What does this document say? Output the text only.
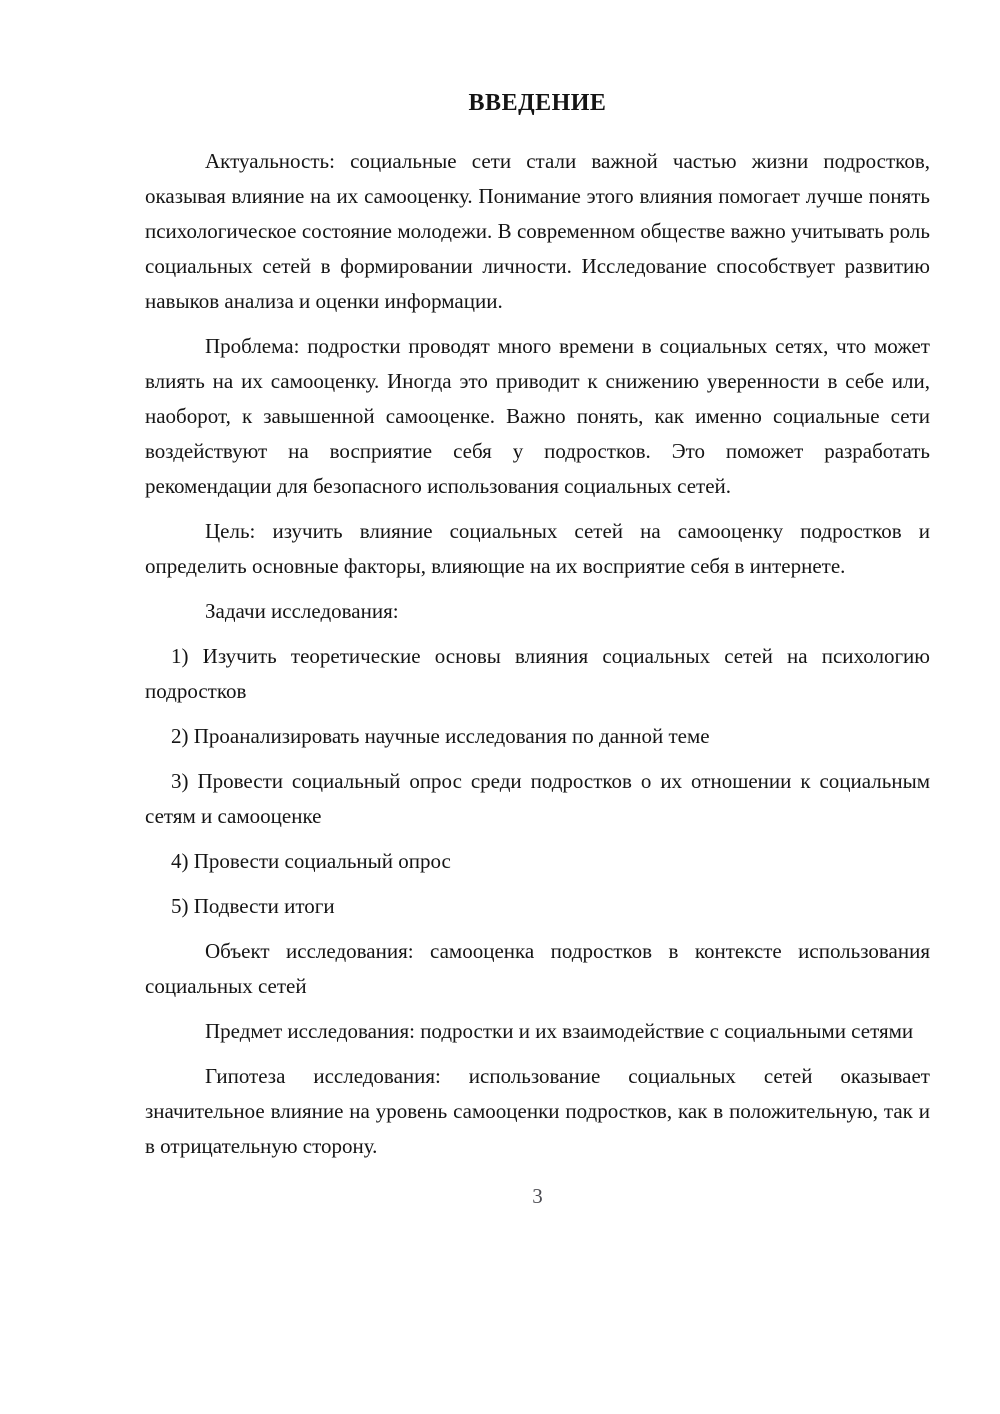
ВВЕДЕНИЕ

Актуальность: социальные сети стали важной частью жизни подростков, оказывая влияние на их самооценку. Понимание этого влияния помогает лучше понять психологическое состояние молодежи. В современном обществе важно учитывать роль социальных сетей в формировании личности. Исследование способствует развитию навыков анализа и оценки информации.

Проблема: подростки проводят много времени в социальных сетях, что может влиять на их самооценку. Иногда это приводит к снижению уверенности в себе или, наоборот, к завышенной самооценке. Важно понять, как именно социальные сети воздействуют на восприятие себя у подростков. Это поможет разработать рекомендации для безопасного использования социальных сетей.

Цель: изучить влияние социальных сетей на самооценку подростков и определить основные факторы, влияющие на их восприятие себя в интернете.

Задачи исследования:

1) Изучить теоретические основы влияния социальных сетей на психологию подростков

2) Проанализировать научные исследования по данной теме

3) Провести социальный опрос среди подростков о их отношении к социальным сетям и самооценке

4) Провести социальный опрос

5) Подвести итоги

Объект исследования: самооценка подростков в контексте использования социальных сетей

Предмет исследования: подростки и их взаимодействие с социальными сетями

Гипотеза исследования: использование социальных сетей оказывает значительное влияние на уровень самооценки подростков, как в положительную, так и в отрицательную сторону.

3
